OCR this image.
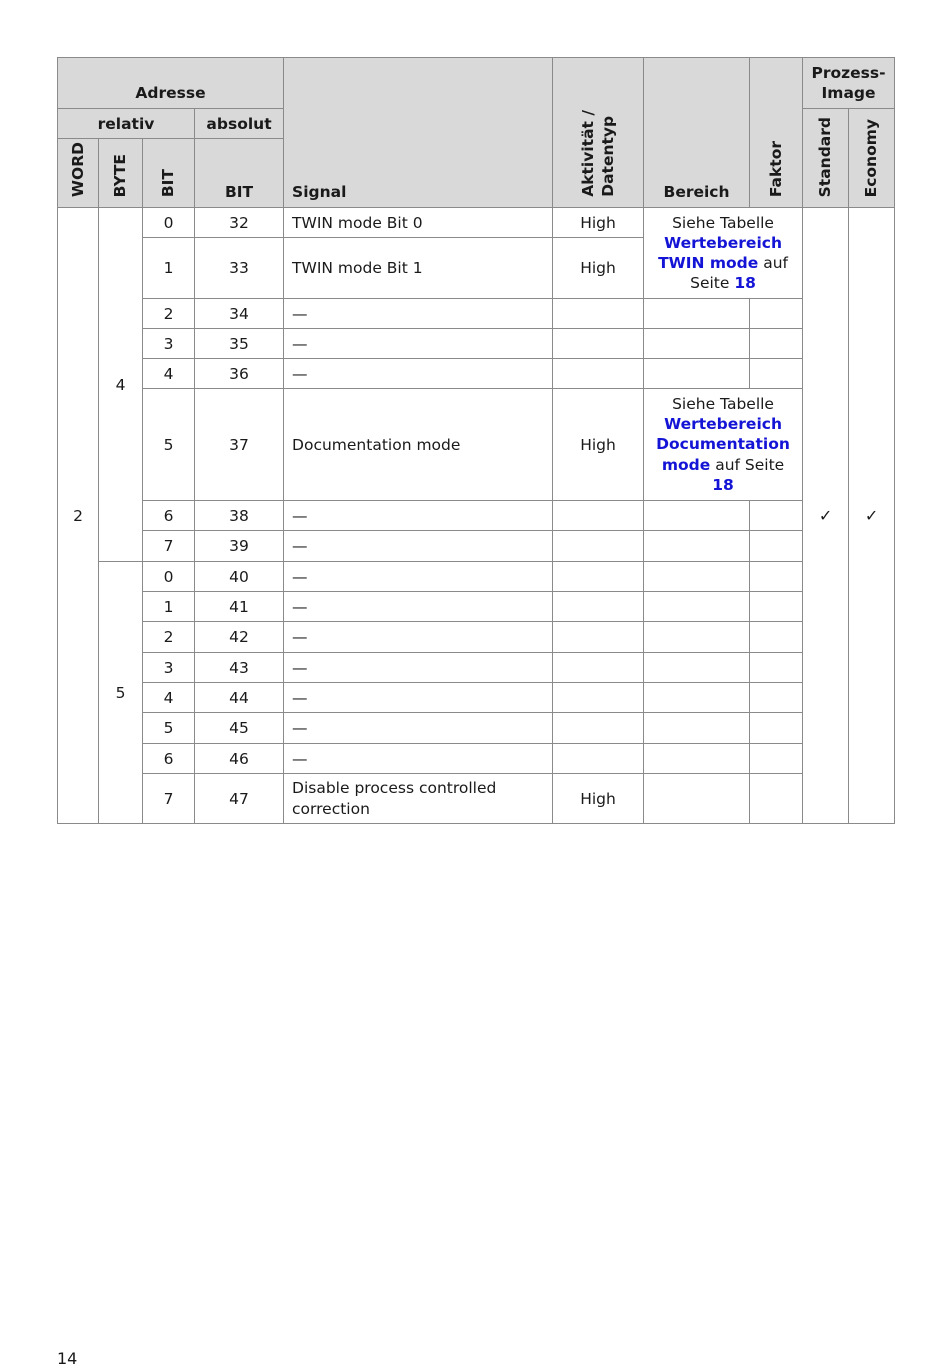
Adresse				Signal	Aktivität / Datentyp	Bereich	Faktor	Prozess-
Image	
relativ			absolut					Standard	Economy
WORD	BYTE	BIT	BIT						
2	4	0	32	TWIN mode Bit 0	High	Siehe Tabelle
Wertebereich TWIN mode auf Seite 18		✓	✓
		1	33	TWIN mode Bit 1	High				
		2	34	—					
		3	35	—					
		4	36	—					
		5	37	Documentation mode	High	Siehe Tabelle
Wertebereich Documentation mode auf Seite
18			
		6	38	—					
		7	39	—					
	5	0	40	—					
		1	41	—					
		2	42	—					
		3	43	—					
		4	44	—					
		5	45	—					
		6	46	—					
		7	47	Disable process controlled correction	High				
14
